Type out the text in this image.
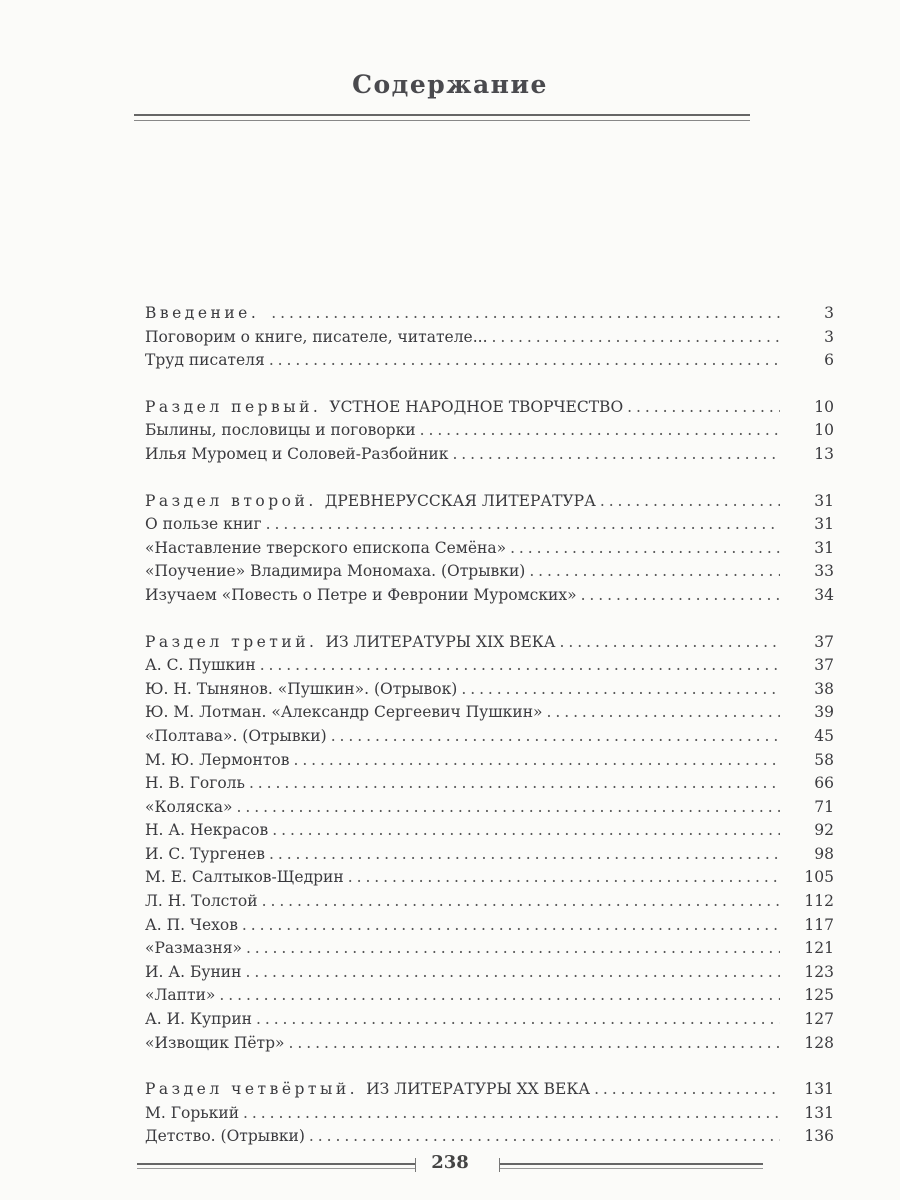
Содержание
Введение. . . .	3
Поговорим о книге, писателе, читателе... . . .	3
Труд писателя . . .	6
Раздел первый. УСТНОЕ НАРОДНОЕ ТВОРЧЕСТВО . . .	10
Былины, пословицы и поговорки . . .	10
Илья Муромец и Соловей-Разбойник . . .	13
Раздел второй. ДРЕВНЕРУССКАЯ ЛИТЕРАТУРА . . .	31
О пользе книг . . .	31
«Наставление тверского епископа Семёна» . . .	31
«Поучение» Владимира Мономаха. (Отрывки) . . .	33
Изучаем «Повесть о Петре и Февронии Муромских» . . .	34
Раздел третий. ИЗ ЛИТЕРАТУРЫ XIX ВЕКА . . .	37
А. С. Пушкин . . .	37
Ю. Н. Тынянов. «Пушкин». (Отрывок) . . .	38
Ю. М. Лотман. «Александр Сергеевич Пушкин» . . .	39
«Полтава». (Отрывки) . . .	45
М. Ю. Лермонтов . . .	58
Н. В. Гоголь . . .	66
«Коляска» . . .	71
Н. А. Некрасов . . .	92
И. С. Тургенев . . .	98
М. Е. Салтыков-Щедрин . . .	105
Л. Н. Толстой . . .	112
А. П. Чехов . . .	117
«Размазня» . . .	121
И. А. Бунин . . .	123
«Лапти» . . .	125
А. И. Куприн . . .	127
«Извощик Пётр» . . .	128
Раздел четвёртый. ИЗ ЛИТЕРАТУРЫ XX ВЕКА . . .	131
М. Горький . . .	131
Детство. (Отрывки) . . .	136
238
